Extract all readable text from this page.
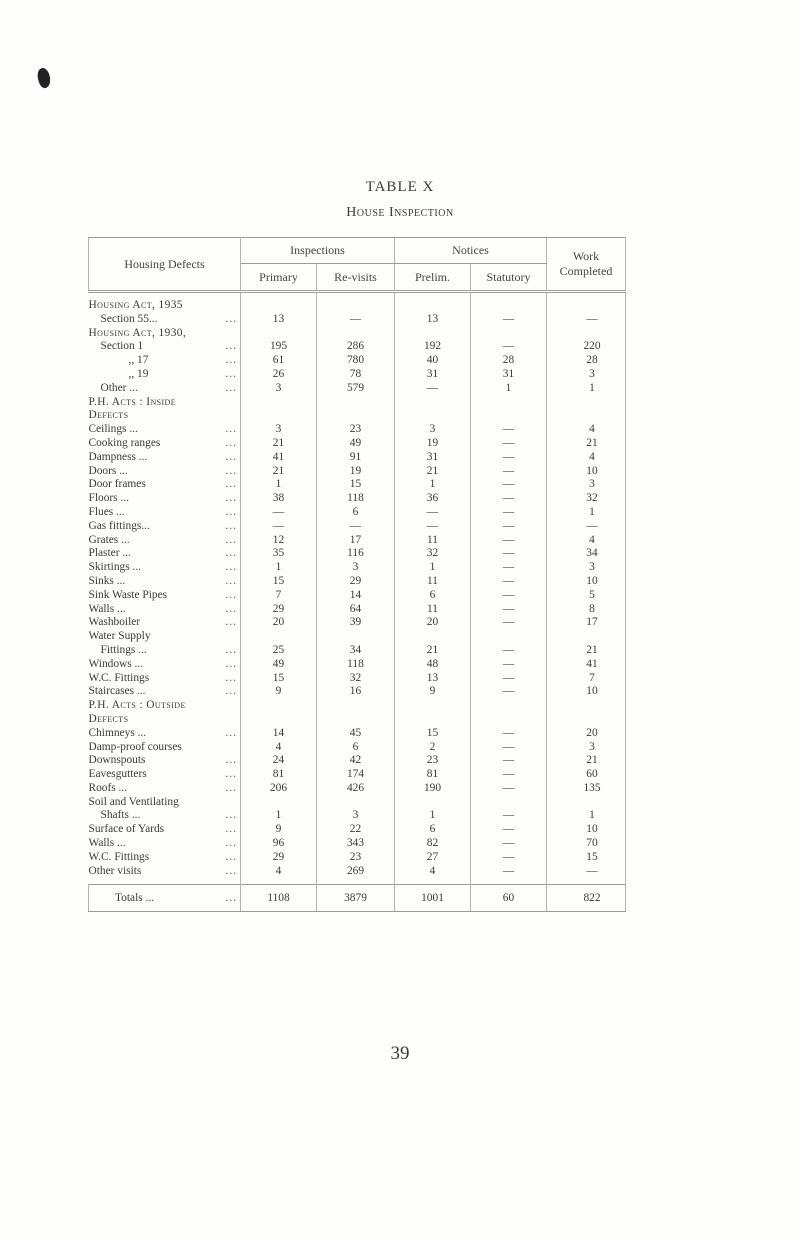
TABLE X
House Inspection
Housing Defects	Inspections		Notices		Work
Completed
	Primary	Re-visits	Prelim.	Statutory	

Housing Act, 1935					
Section 55... ...	13	—	13	—	—
Housing Act, 1930,					
Section 1 ...	195	286	192	—	220
,, 17 ...	61	780	40	28	28
,, 19 ...	26	78	31	31	3
Other ... ...	3	579	—	1	1
P.H. Acts : Inside					
Defects					
Ceilings ... ...	3	23	3	—	4
Cooking ranges ...	21	49	19	—	21
Dampness ... ...	41	91	31	—	4
Doors ... ...	21	19	21	—	10
Door frames ...	1	15	1	—	3
Floors ... ...	38	118	36	—	32
Flues ... ...	—	6	—	—	1
Gas fittings... ...	—	—	—	—	—
Grates ... ...	12	17	11	—	4
Plaster ... ...	35	116	32	—	34
Skirtings ... ...	1	3	1	—	3
Sinks ... ...	15	29	11	—	10
Sink Waste Pipes ...	7	14	6	—	5
Walls ... ...	29	64	11	—	8
Washboiler ...	20	39	20	—	17
Water Supply					
Fittings ... ...	25	34	21	—	21
Windows ... ...	49	118	48	—	41
W.C. Fittings ...	15	32	13	—	7
Staircases ... ...	9	16	9	—	10
P.H. Acts : Outside					
Defects					
Chimneys ... ...	14	45	15	—	20
Damp-proof courses	4	6	2	—	3
Downspouts ...	24	42	23	—	21
Eavesgutters ...	81	174	81	—	60
Roofs ... ...	206	426	190	—	135
Soil and Ventilating					
Shafts ... ...	1	3	1	—	1
Surface of Yards ...	9	22	6	—	10
Walls ... ...	96	343	82	—	70
W.C. Fittings ...	29	23	27	—	15
Other visits ...	4	269	4	—	—

Totals ... ...	1108	3879	1001	60	822
39
